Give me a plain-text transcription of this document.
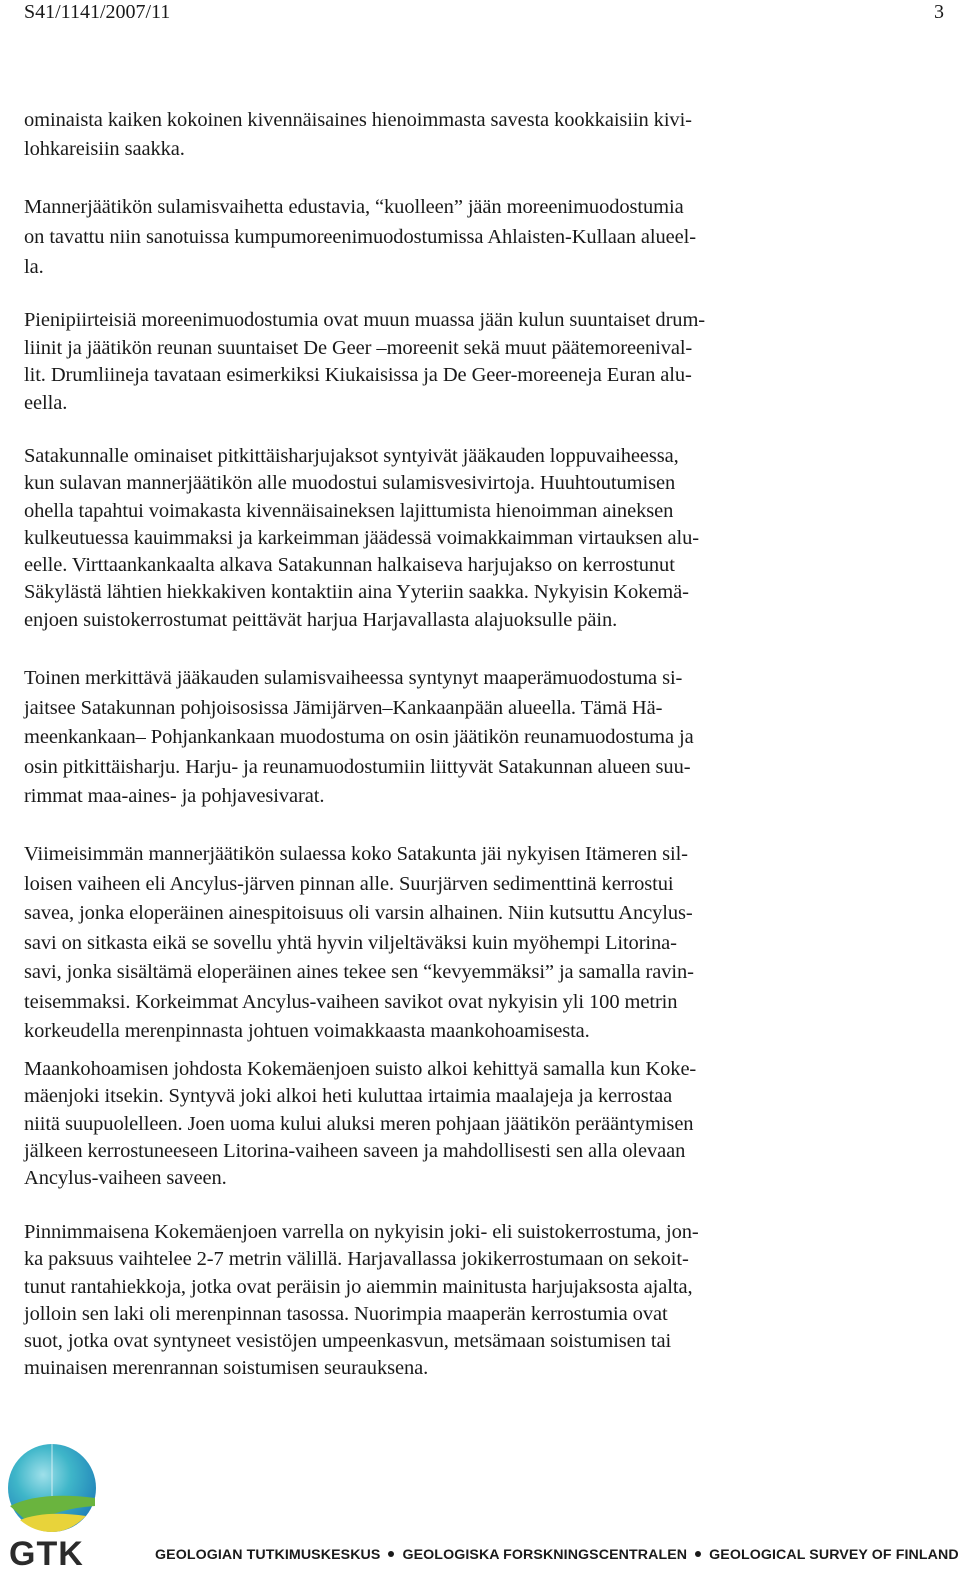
S41/1141/2007/11	3

ominaista kaiken kokoinen kivennäisaines hienoimmasta savesta kookkaisiin kivi-
lohkareisiin saakka.

Mannerjäätikön sulamisvaihetta edustavia, “kuolleen” jään moreenimuodostumia
on tavattu niin sanotuissa kumpumoreenimuodostumissa Ahlaisten-Kullaan alueel-
la.

Pienipiirteisiä moreenimuodostumia ovat muun muassa jään kulun suuntaiset drum-
liinit ja jäätikön reunan suuntaiset De Geer –moreenit sekä muut päätemoreenival-
lit. Drumliineja tavataan esimerkiksi Kiukaisissa ja De Geer-moreeneja Euran alu-
eella.

Satakunnalle ominaiset pitkittäisharjujaksot syntyivät jääkauden loppuvaiheessa,
kun sulavan mannerjäätikön alle muodostui sulamisvesivirtoja. Huuhtoutumisen
ohella tapahtui voimakasta kivennäisaineksen lajittumista hienoimman aineksen
kulkeutuessa kauimmaksi ja karkeimman jäädessä voimakkaimman virtauksen alu-
eelle. Virttaankankaalta alkava Satakunnan halkaiseva harjujakso on kerrostunut
Säkylästä lähtien hiekkakiven kontaktiin aina Yyteriin saakka. Nykyisin Kokemä-
enjoen suistokerrostumat peittävät harjua Harjavallasta alajuoksulle päin.

Toinen merkittävä jääkauden sulamisvaiheessa syntynyt maaperämuodostuma si-
jaitsee Satakunnan pohjoisosissa Jämijärven–Kankaanpään alueella. Tämä Hä-
meenkankaan– Pohjankankaan muodostuma on osin jäätikön reunamuodostuma ja
osin pitkittäisharju. Harju- ja reunamuodostumiin liittyvät Satakunnan alueen suu-
rimmat maa-aines- ja pohjavesivarat.

Viimeisimmän mannerjäätikön sulaessa koko Satakunta jäi nykyisen Itämeren sil-
loisen vaiheen eli Ancylus-järven pinnan alle. Suurjärven sedimenttinä kerrostui
savea, jonka eloperäinen ainespitoisuus oli varsin alhainen. Niin kutsuttu Ancylus-
savi on sitkasta eikä se sovellu yhtä hyvin viljeltäväksi kuin myöhempi Litorina-
savi, jonka sisältämä eloperäinen aines tekee sen “kevyemmäksi” ja samalla ravin-
teisemmaksi. Korkeimmat Ancylus-vaiheen savikot ovat nykyisin yli 100 metrin
korkeudella merenpinnasta johtuen voimakkaasta maankohoamisesta.

Maankohoamisen johdosta Kokemäenjoen suisto alkoi kehittyä samalla kun Koke-
mäenjoki itsekin. Syntyvä joki alkoi heti kuluttaa irtaimia maalajeja ja kerrostaa
niitä suupuolelleen. Joen uoma kului aluksi meren pohjaan jäätikön perääntymisen
jälkeen kerrostuneeseen Litorina-vaiheen saveen ja mahdollisesti sen alla olevaan
Ancylus-vaiheen saveen.

Pinnimmaisena Kokemäenjoen varrella on nykyisin joki- eli suistokerrostuma, jon-
ka paksuus vaihtelee 2-7 metrin välillä. Harjavallassa jokikerrostumaan on sekoit-
tunut rantahiekkoja, jotka ovat peräisin jo aiemmin mainitusta harjujaksosta ajalta,
jolloin sen laki oli merenpinnan tasossa. Nuorimpia maaperän kerrostumia ovat
suot, jotka ovat syntyneet vesistöjen umpeenkasvun, metsämaan soistumisen tai
muinaisen merenrannan soistumisen seurauksena.

GTK	GEOLOGIAN TUTKIMUSKESKUS GEOLOGISKA FORSKNINGSCENTRALEN GEOLOGICAL SURVEY OF FINLAND
